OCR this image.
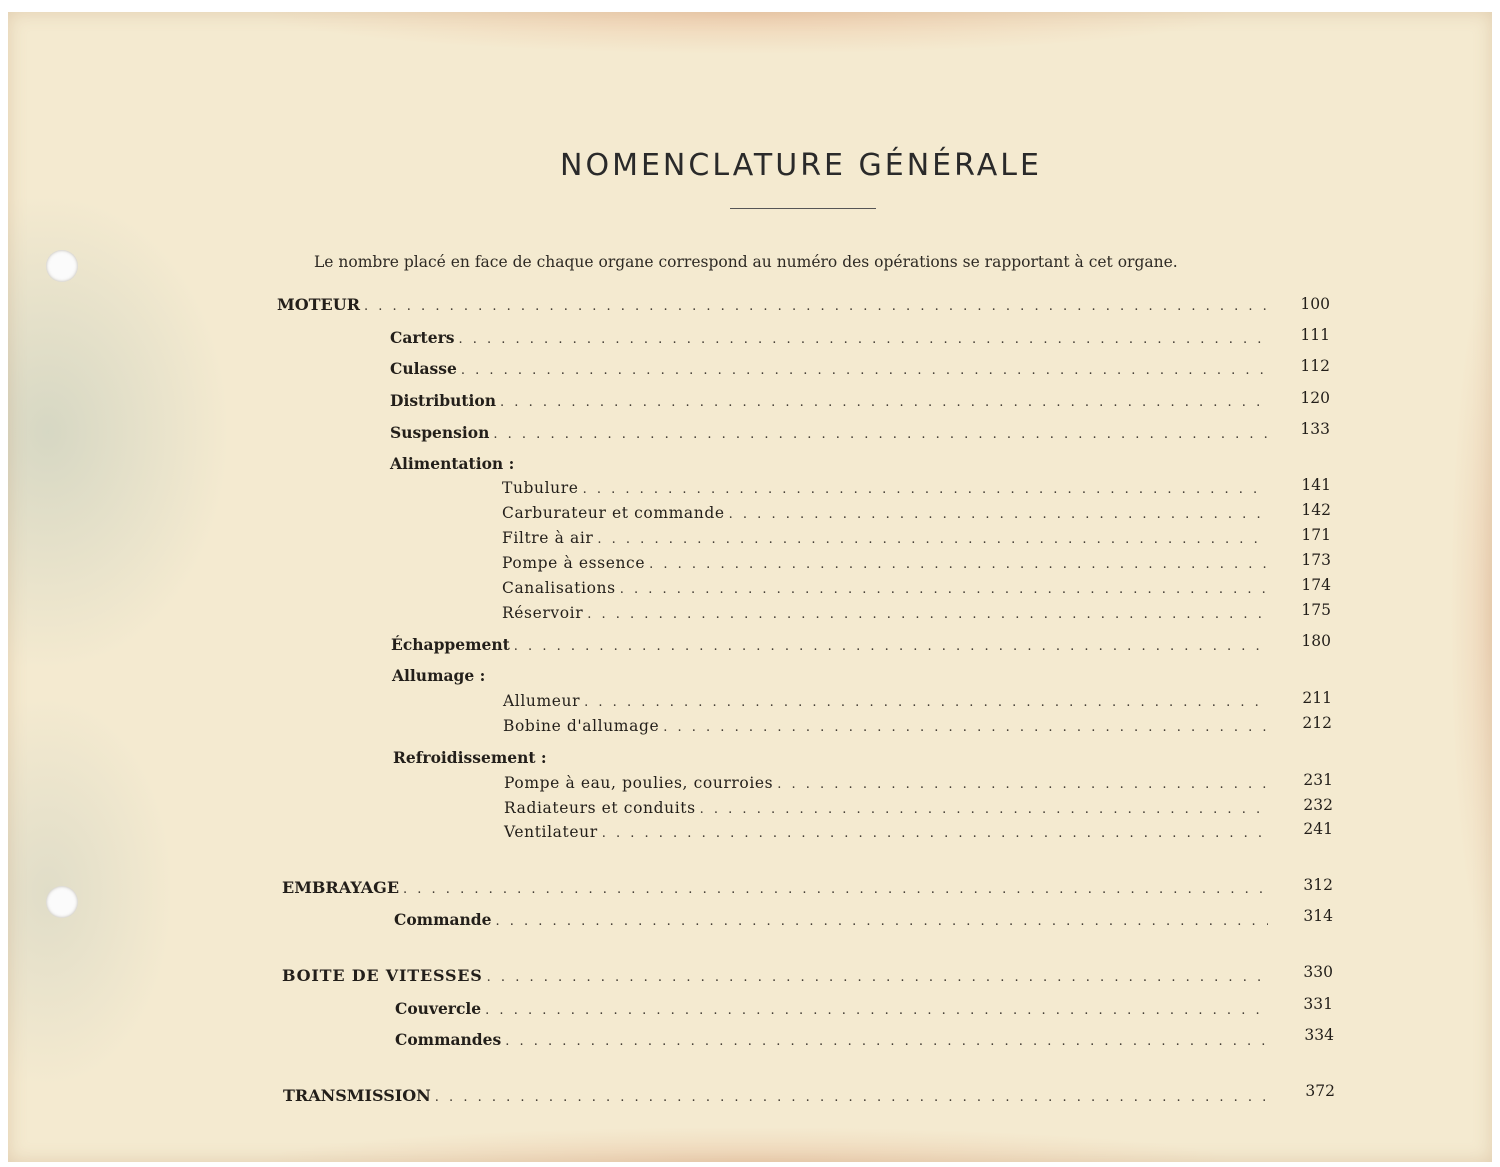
NOMENCLATURE GÉNÉRALE
Le nombre placé en face de chaque organe correspond au numéro des opérations se rapportant à cet organe.
MOTEUR . . .	100
Carters . . .	111
Culasse . . .	112
Distribution . . .	120
Suspension . . .	133
Alimentation :
Tubulure . . .	141
Carburateur et commande . . .	142
Filtre à air . . .	171
Pompe à essence . . .	173
Canalisations . . .	174
Réservoir . . .	175
Échappement . . .	180
Allumage :
Allumeur . . .	211
Bobine d'allumage . . .	212
Refroidissement :
Pompe à eau, poulies, courroies . . .	231
Radiateurs et conduits . . .	232
Ventilateur . . .	241
EMBRAYAGE . . .	312
Commande . . .	314
BOITE DE VITESSES . . .	330
Couvercle . . .	331
Commandes . . .	334
TRANSMISSION . . .	372
